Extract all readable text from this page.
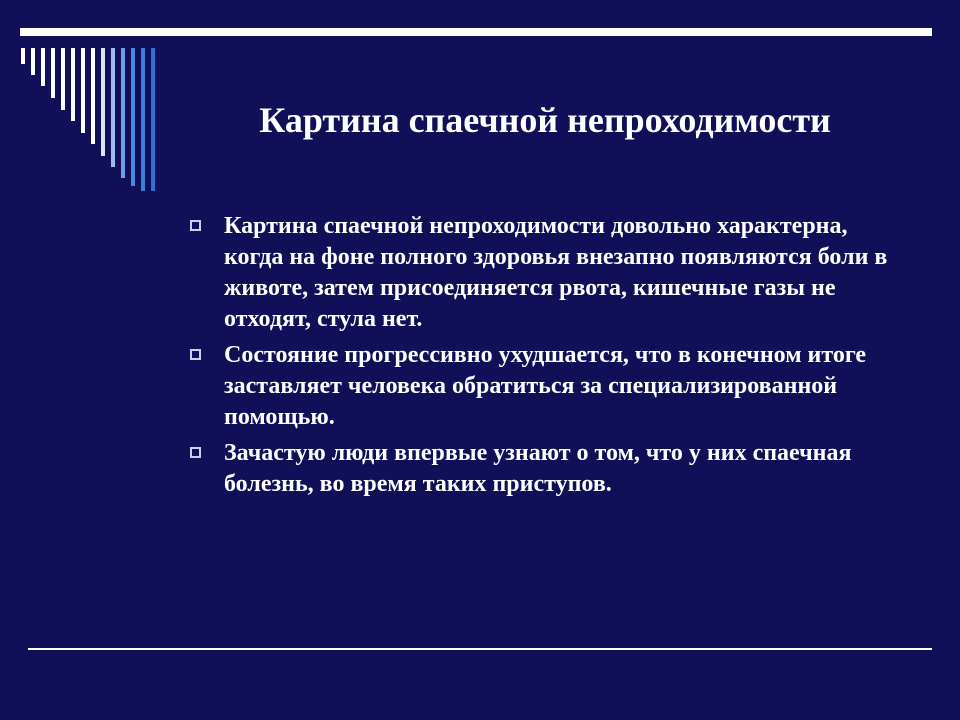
Картина спаечной непроходимости
Картина спаечной непроходимости довольно характерна, когда на фоне полного здоровья внезапно появляются боли в животе, затем присоединяется рвота, кишечные газы не отходят, стула нет.
Состояние прогрессивно ухудшается, что в конечном итоге заставляет человека обратиться за специализированной помощью.
Зачастую люди впервые узнают о том, что у них спаечная болезнь, во время таких приступов.
